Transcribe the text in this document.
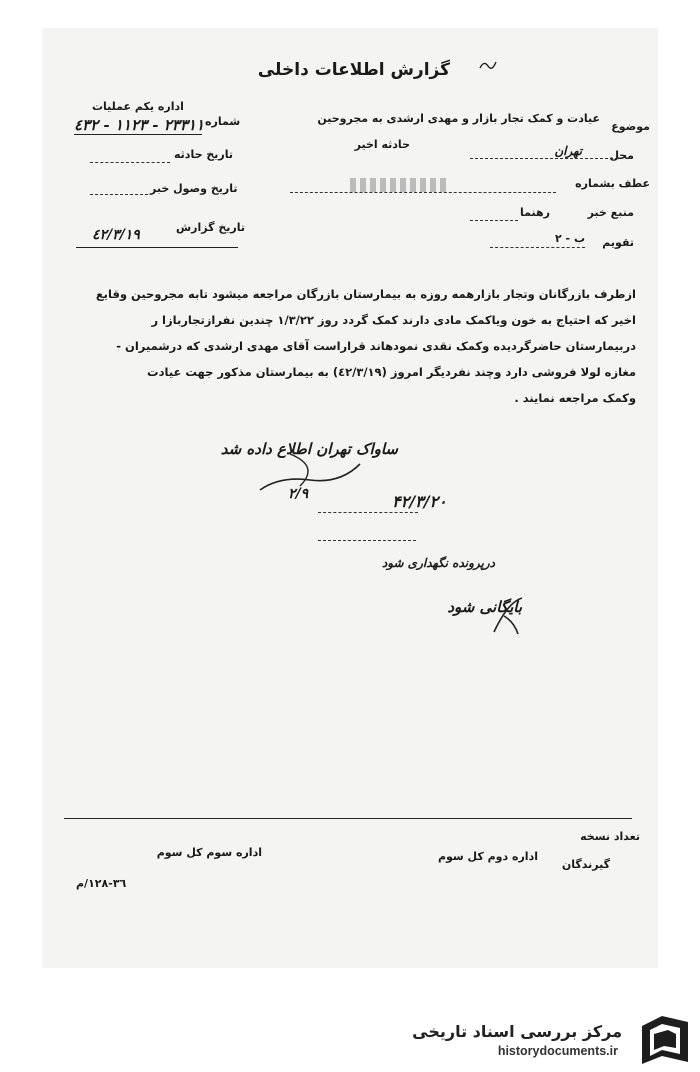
گزارش اطلاعات داخلی
اداره یکم عملیات
شماره
٢٣٣١١ - ١١٢٣ - ٤٣٢
تاریخ حادثه
تاریخ وصول خبر
تاریخ گزارش
٤٢/٣/١٩
موضوع
عیادت و کمک تجار بازار و مهدی ارشدی به مجروحین
حادثه اخیر
محل
تهران
عطف بشماره
منبع خبر
رهنما
تقویم
ب - ٢
ازطرف بازرگانان وتجار بازارهمه روزه به بیمارستان بازرگان مراجعه میشود تابه مجروحین وقایع
اخیر که احتیاج به خون ویاکمک مادی دارند کمک گردد روز ١/٣/٢٢ چندین نفرازتجاربازا ر
دربیمارستان حاضرگردیده وکمک نقدی نمودهاند قراراست آقای مهدی ارشدی که درشمیران -
مغازه لولا فروشی دارد وچند نفردیگر امروز (٤٢/٣/١٩) به بیمارستان مذکور جهت عیادت
وکمک مراجعه نمایند .
ساواک تهران اطلاع داده شد
۲/۹	۴۲/۳/۲۰
درپرونده نگهداری شود
بایگانی شود
تعداد نسخه
اداره دوم کل سوم
اداره سوم کل سوم
گیرندگان
٣٦-١٢٨/م
مرکز بررسی اسناد تاریخی
historydocuments.ir
